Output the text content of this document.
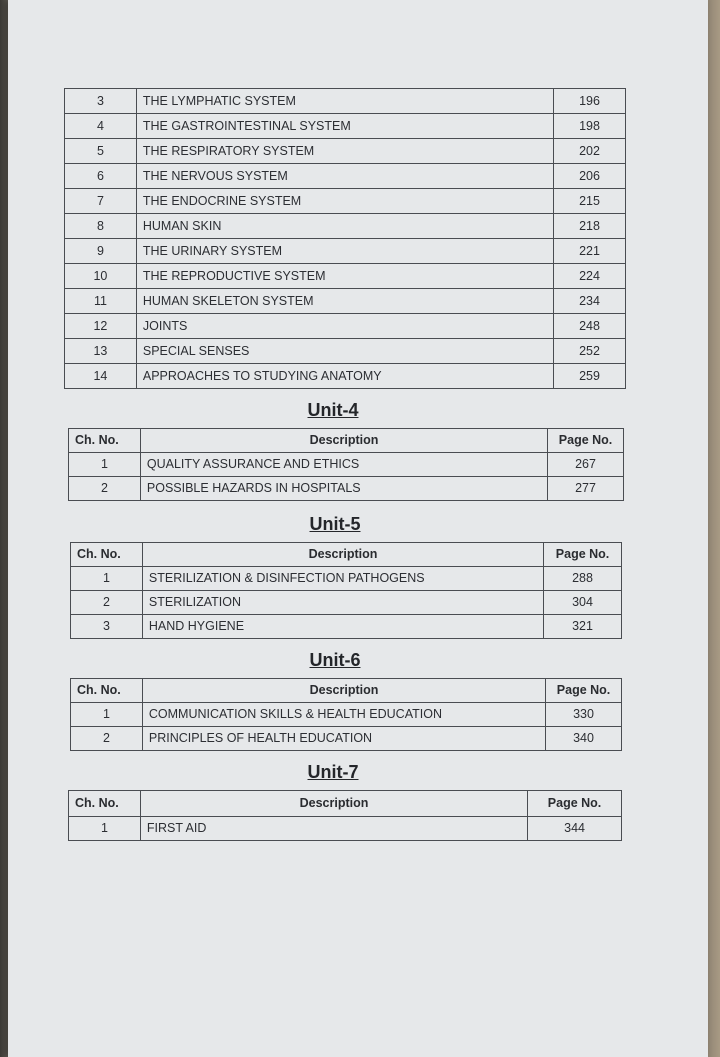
3	THE LYMPHATIC SYSTEM	196
4	THE GASTROINTESTINAL SYSTEM	198
5	THE RESPIRATORY SYSTEM	202
6	THE NERVOUS SYSTEM	206
7	THE ENDOCRINE SYSTEM	215
8	HUMAN SKIN	218
9	THE URINARY SYSTEM	221
10	THE REPRODUCTIVE SYSTEM	224
11	HUMAN SKELETON SYSTEM	234
12	JOINTS	248
13	SPECIAL SENSES	252
14	APPROACHES TO STUDYING ANATOMY	259
Unit-4
Ch. No.	Description	Page No.
1	QUALITY ASSURANCE AND ETHICS	267
2	POSSIBLE HAZARDS IN HOSPITALS	277
Unit-5
Ch. No.	Description	Page No.
1	STERILIZATION & DISINFECTION PATHOGENS	288
2	STERILIZATION	304
3	HAND HYGIENE	321
Unit-6
Ch. No.	Description	Page No.
1	COMMUNICATION SKILLS & HEALTH EDUCATION	330
2	PRINCIPLES OF HEALTH EDUCATION	340
Unit-7
Ch. No.	Description	Page No.
1	FIRST AID	344
